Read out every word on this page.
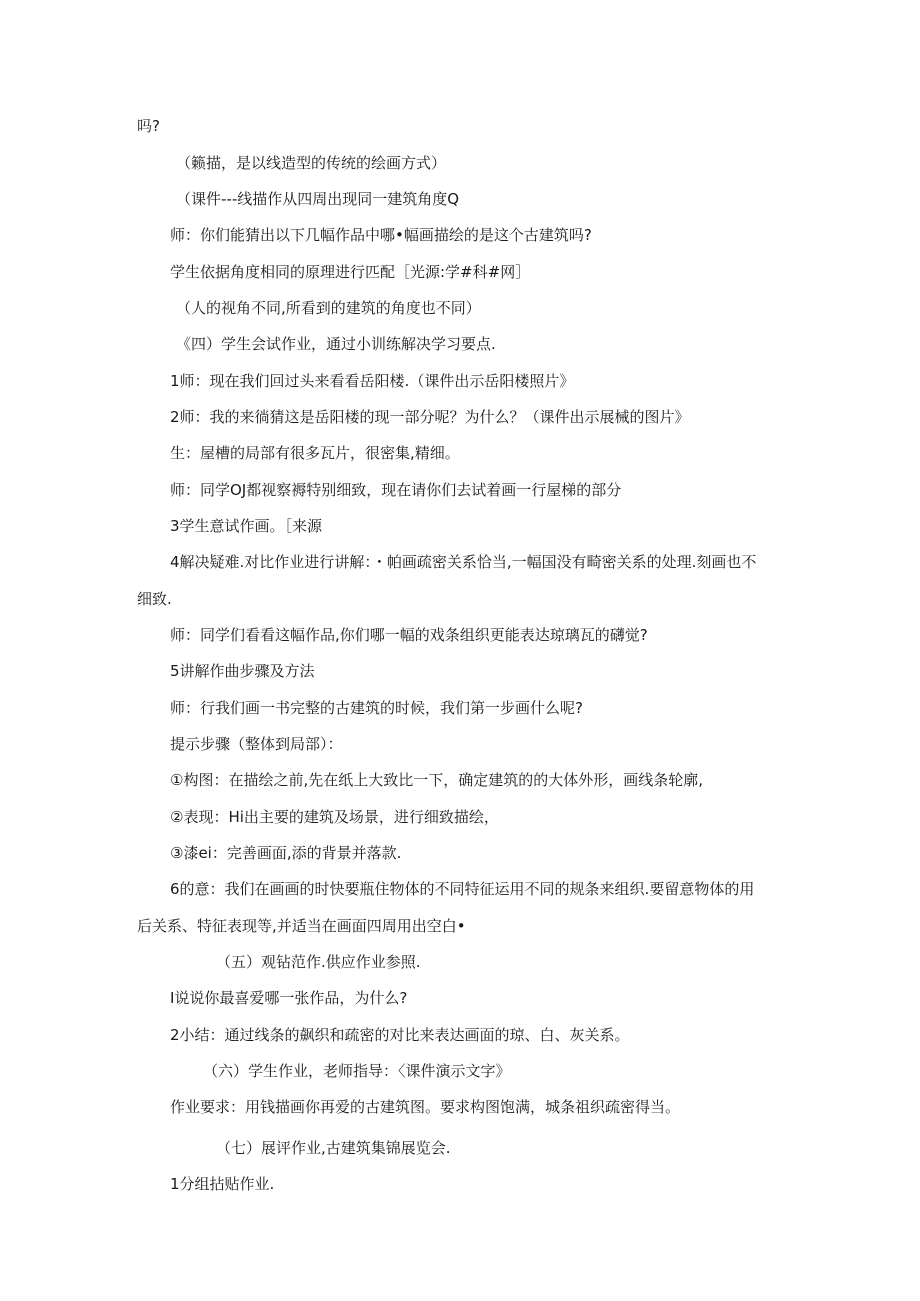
吗?
（籁描，是以线造型的传统的绘画方式）
（课件---线描作从四周出现同一建筑角度Q
师：你们能猜出以下几幅作品中哪•幅画描绘的是这个古建筑吗?
学生依据角度相同的原理进行匹配［光源:学#科#网］
（人的视角不同,所看到的建筑的角度也不同）
《四）学生会试作业，通过小训练解决学习要点.
1师：现在我们回过头来看看岳阳楼.（课件出示岳阳楼照片》
2师：我的来徜猜这是岳阳楼的现一部分呢？为什么？（课件出示展械的图片》
生：屋槽的局部有很多瓦片，很密集,精细。
师：同学OJ都视察褥特别细致，现在请你们去试着画一行屋梯的部分
3学生意试作画。［来源
4解决疑难.对比作业进行讲解：・帕画疏密关系恰当,一幅国没有畸密关系的处理.刻画也不
细致.
师：同学们看看这幅作品,你们哪一幅的戏条组织更能表达琼璃瓦的礴觉?
5讲解作曲步骤及方法
师：行我们画一书完整的古建筑的时候，我们第一步画什么呢?
提示步骤（整体到局部）：
①构图：在描绘之前,先在纸上大致比一下，确定建筑的的大体外形，画线条轮廓,
②表现：Hi出主要的建筑及场景，进行细致描绘，
③漆ei：完善画面,添的背景并落款.
6的意：我们在画画的时快要瓶住物体的不同特征运用不同的规条来组织.要留意物体的用
后关系、特征表现等,并适当在画面四周用出空白•
（五）观钻范作.供应作业参照.
I说说你最喜爱哪一张作品，为什么?
2小结：通过线条的飙织和疏密的对比来表达画面的琼、白、灰关系。
（六）学生作业，老师指导：〈课件演示文字》
作业要求：用钱描画你再爱的古建筑图。要求构图饱满，城条祖织疏密得当。
（七）展评作业,古建筑集锦展览会.
1分组拈贴作业.
